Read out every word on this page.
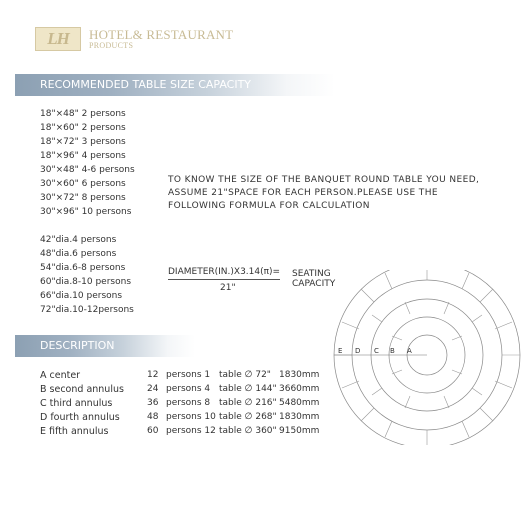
LH	HOTEL& RESTAURANT
PRODUCTS
RECOMMENDED TABLE SIZE CAPACITY
18"×48" 2 persons
18"×60" 2 persons
18"×72" 3 persons
18"×96" 4 persons
30"×48" 4-6 persons
30"×60" 6 persons
30"×72" 8 persons
30"×96" 10 persons
42"dia.4 persons
48"dia.6 persons
54"dia.6-8 persons
60"dia.8-10 persons
66"dia.10 persons
72"dia.10-12persons
TO KNOW THE SIZE OF THE BANQUET ROUND TABLE YOU NEED, ASSUME 21"SPACE FOR EACH PERSON.PLEASE USE THE FOLLOWING FORMULA FOR CALCULATION
DIAMETER(IN.)X3.14(π)=
21"
SEATING
CAPACITY
DESCRIPTION
A center	12	persons 1	table ∅ 72"	1830mm
B second annulus	24	persons 4	table ∅ 144"	3660mm
C third annulus	36	persons 8	table ∅ 216"	5480mm
D fourth annulus	48	persons 10	table ∅ 268"	1830mm
E fifth annulus	60	persons 12	table ∅ 360"	9150mm
E D C B A
